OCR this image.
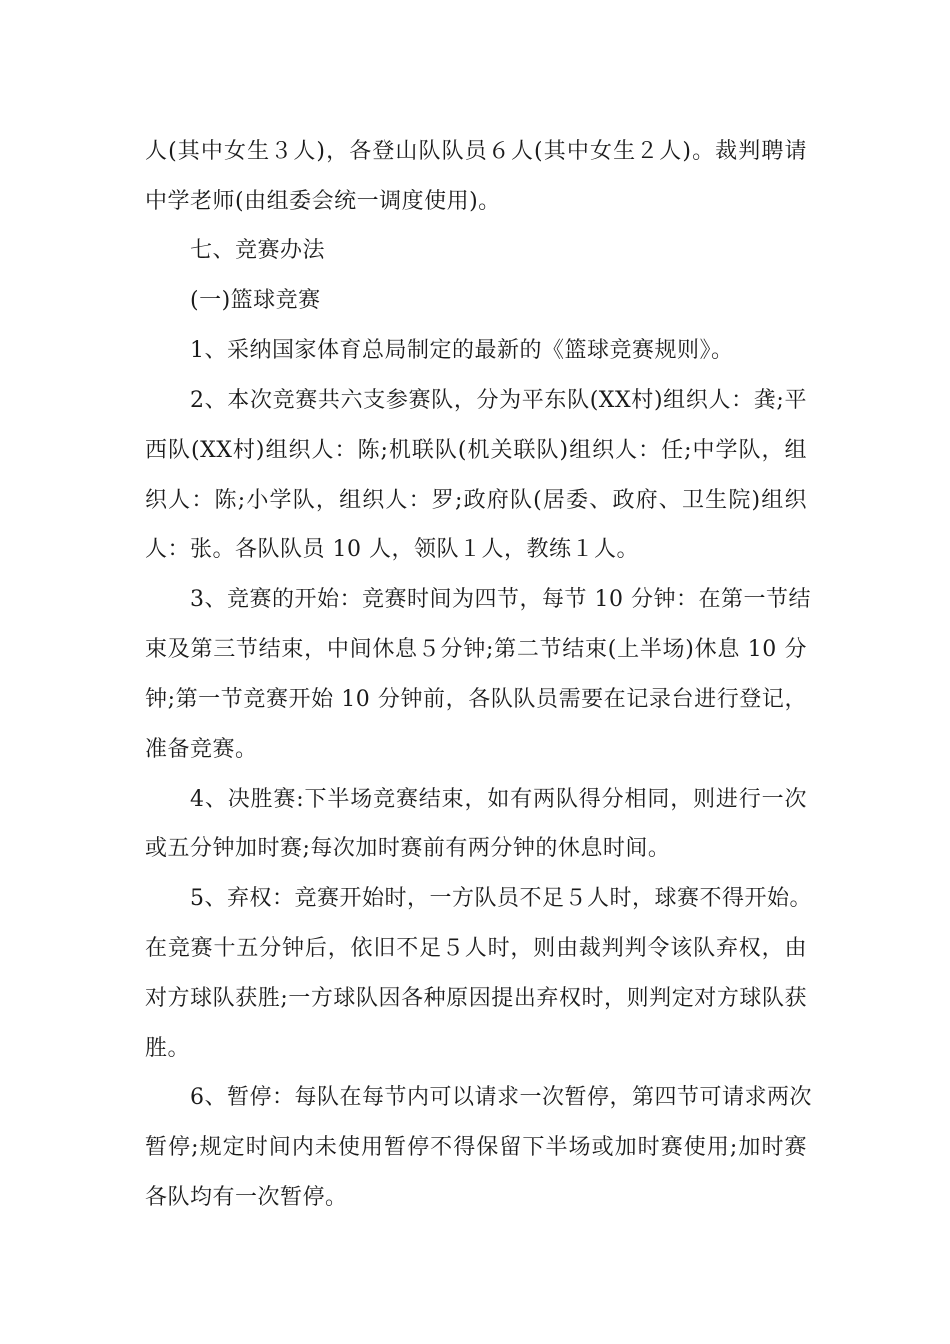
人(其中女生３人)，各登山队队员６人(其中女生２人)。裁判聘请
中学老师(由组委会统一调度使用)。
七、竞赛办法
(一)篮球竞赛
1、采纳国家体育总局制定的最新的《篮球竞赛规则》。
2、本次竞赛共六支参赛队，分为平东队(XX村)组织人：龚;平
西队(XX村)组织人：陈;机联队(机关联队)组织人：任;中学队，组
织人：陈;小学队，组织人：罗;政府队(居委、政府、卫生院)组织
人：张。各队队员 10 人，领队１人，教练１人。
3、竞赛的开始：竞赛时间为四节，每节 10 分钟：在第一节结
束及第三节结束，中间休息５分钟;第二节结束(上半场)休息 10 分
钟;第一节竞赛开始 10 分钟前，各队队员需要在记录台进行登记，
准备竞赛。
4、决胜赛:下半场竞赛结束，如有两队得分相同，则进行一次
或五分钟加时赛;每次加时赛前有两分钟的休息时间。
5、弃权：竞赛开始时，一方队员不足５人时，球赛不得开始。
在竞赛十五分钟后，依旧不足５人时，则由裁判判令该队弃权，由
对方球队获胜;一方球队因各种原因提出弃权时，则判定对方球队获
胜。
6、暂停：每队在每节内可以请求一次暂停，第四节可请求两次
暂停;规定时间内未使用暂停不得保留下半场或加时赛使用;加时赛
各队均有一次暂停。
